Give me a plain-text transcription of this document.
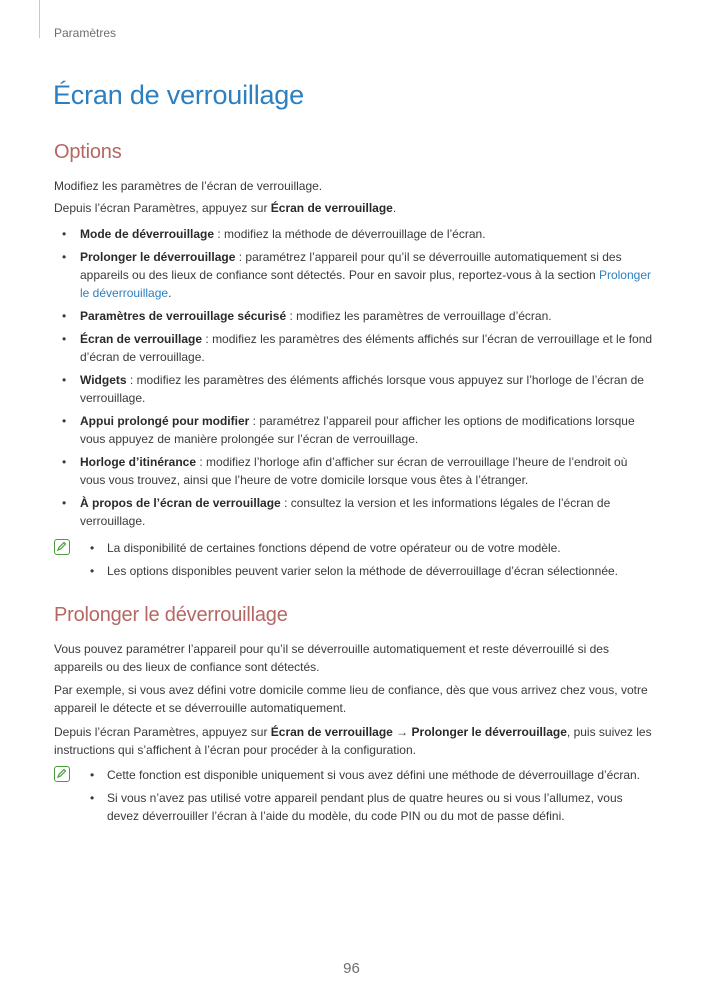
Paramètres
Écran de verrouillage
Options

Modifiez les paramètres de l’écran de verrouillage.

Depuis l’écran Paramètres, appuyez sur Écran de verrouillage.

• Mode de déverrouillage : modifiez la méthode de déverrouillage de l’écran.
• Prolonger le déverrouillage : paramétrez l’appareil pour qu’il se déverrouille automatiquement si des appareils ou des lieux de confiance sont détectés. Pour en savoir plus, reportez-vous à la section Prolonger le déverrouillage.
• Paramètres de verrouillage sécurisé : modifiez les paramètres de verrouillage d’écran.
• Écran de verrouillage : modifiez les paramètres des éléments affichés sur l’écran de verrouillage et le fond d’écran de verrouillage.
• Widgets : modifiez les paramètres des éléments affichés lorsque vous appuyez sur l’horloge de l’écran de verrouillage.
• Appui prolongé pour modifier : paramétrez l’appareil pour afficher les options de modifications lorsque vous appuyez de manière prolongée sur l’écran de verrouillage.
• Horloge d’itinérance : modifiez l’horloge afin d’afficher sur écran de verrouillage l’heure de l’endroit où vous vous trouvez, ainsi que l’heure de votre domicile lorsque vous êtes à l’étranger.
• À propos de l’écran de verrouillage : consultez la version et les informations légales de l’écran de verrouillage.
• La disponibilité de certaines fonctions dépend de votre opérateur ou de votre modèle.
• Les options disponibles peuvent varier selon la méthode de déverrouillage d’écran sélectionnée.
Prolonger le déverrouillage

Vous pouvez paramétrer l’appareil pour qu’il se déverrouille automatiquement et reste déverrouillé si des appareils ou des lieux de confiance sont détectés.

Par exemple, si vous avez défini votre domicile comme lieu de confiance, dès que vous arrivez chez vous, votre appareil le détecte et se déverrouille automatiquement.

Depuis l’écran Paramètres, appuyez sur Écran de verrouillage → Prolonger le déverrouillage, puis suivez les instructions qui s’affichent à l’écran pour procéder à la configuration.

• Cette fonction est disponible uniquement si vous avez défini une méthode de déverrouillage d’écran.
• Si vous n’avez pas utilisé votre appareil pendant plus de quatre heures ou si vous l’allumez, vous devez déverrouiller l’écran à l’aide du modèle, du code PIN ou du mot de passe défini.
96
